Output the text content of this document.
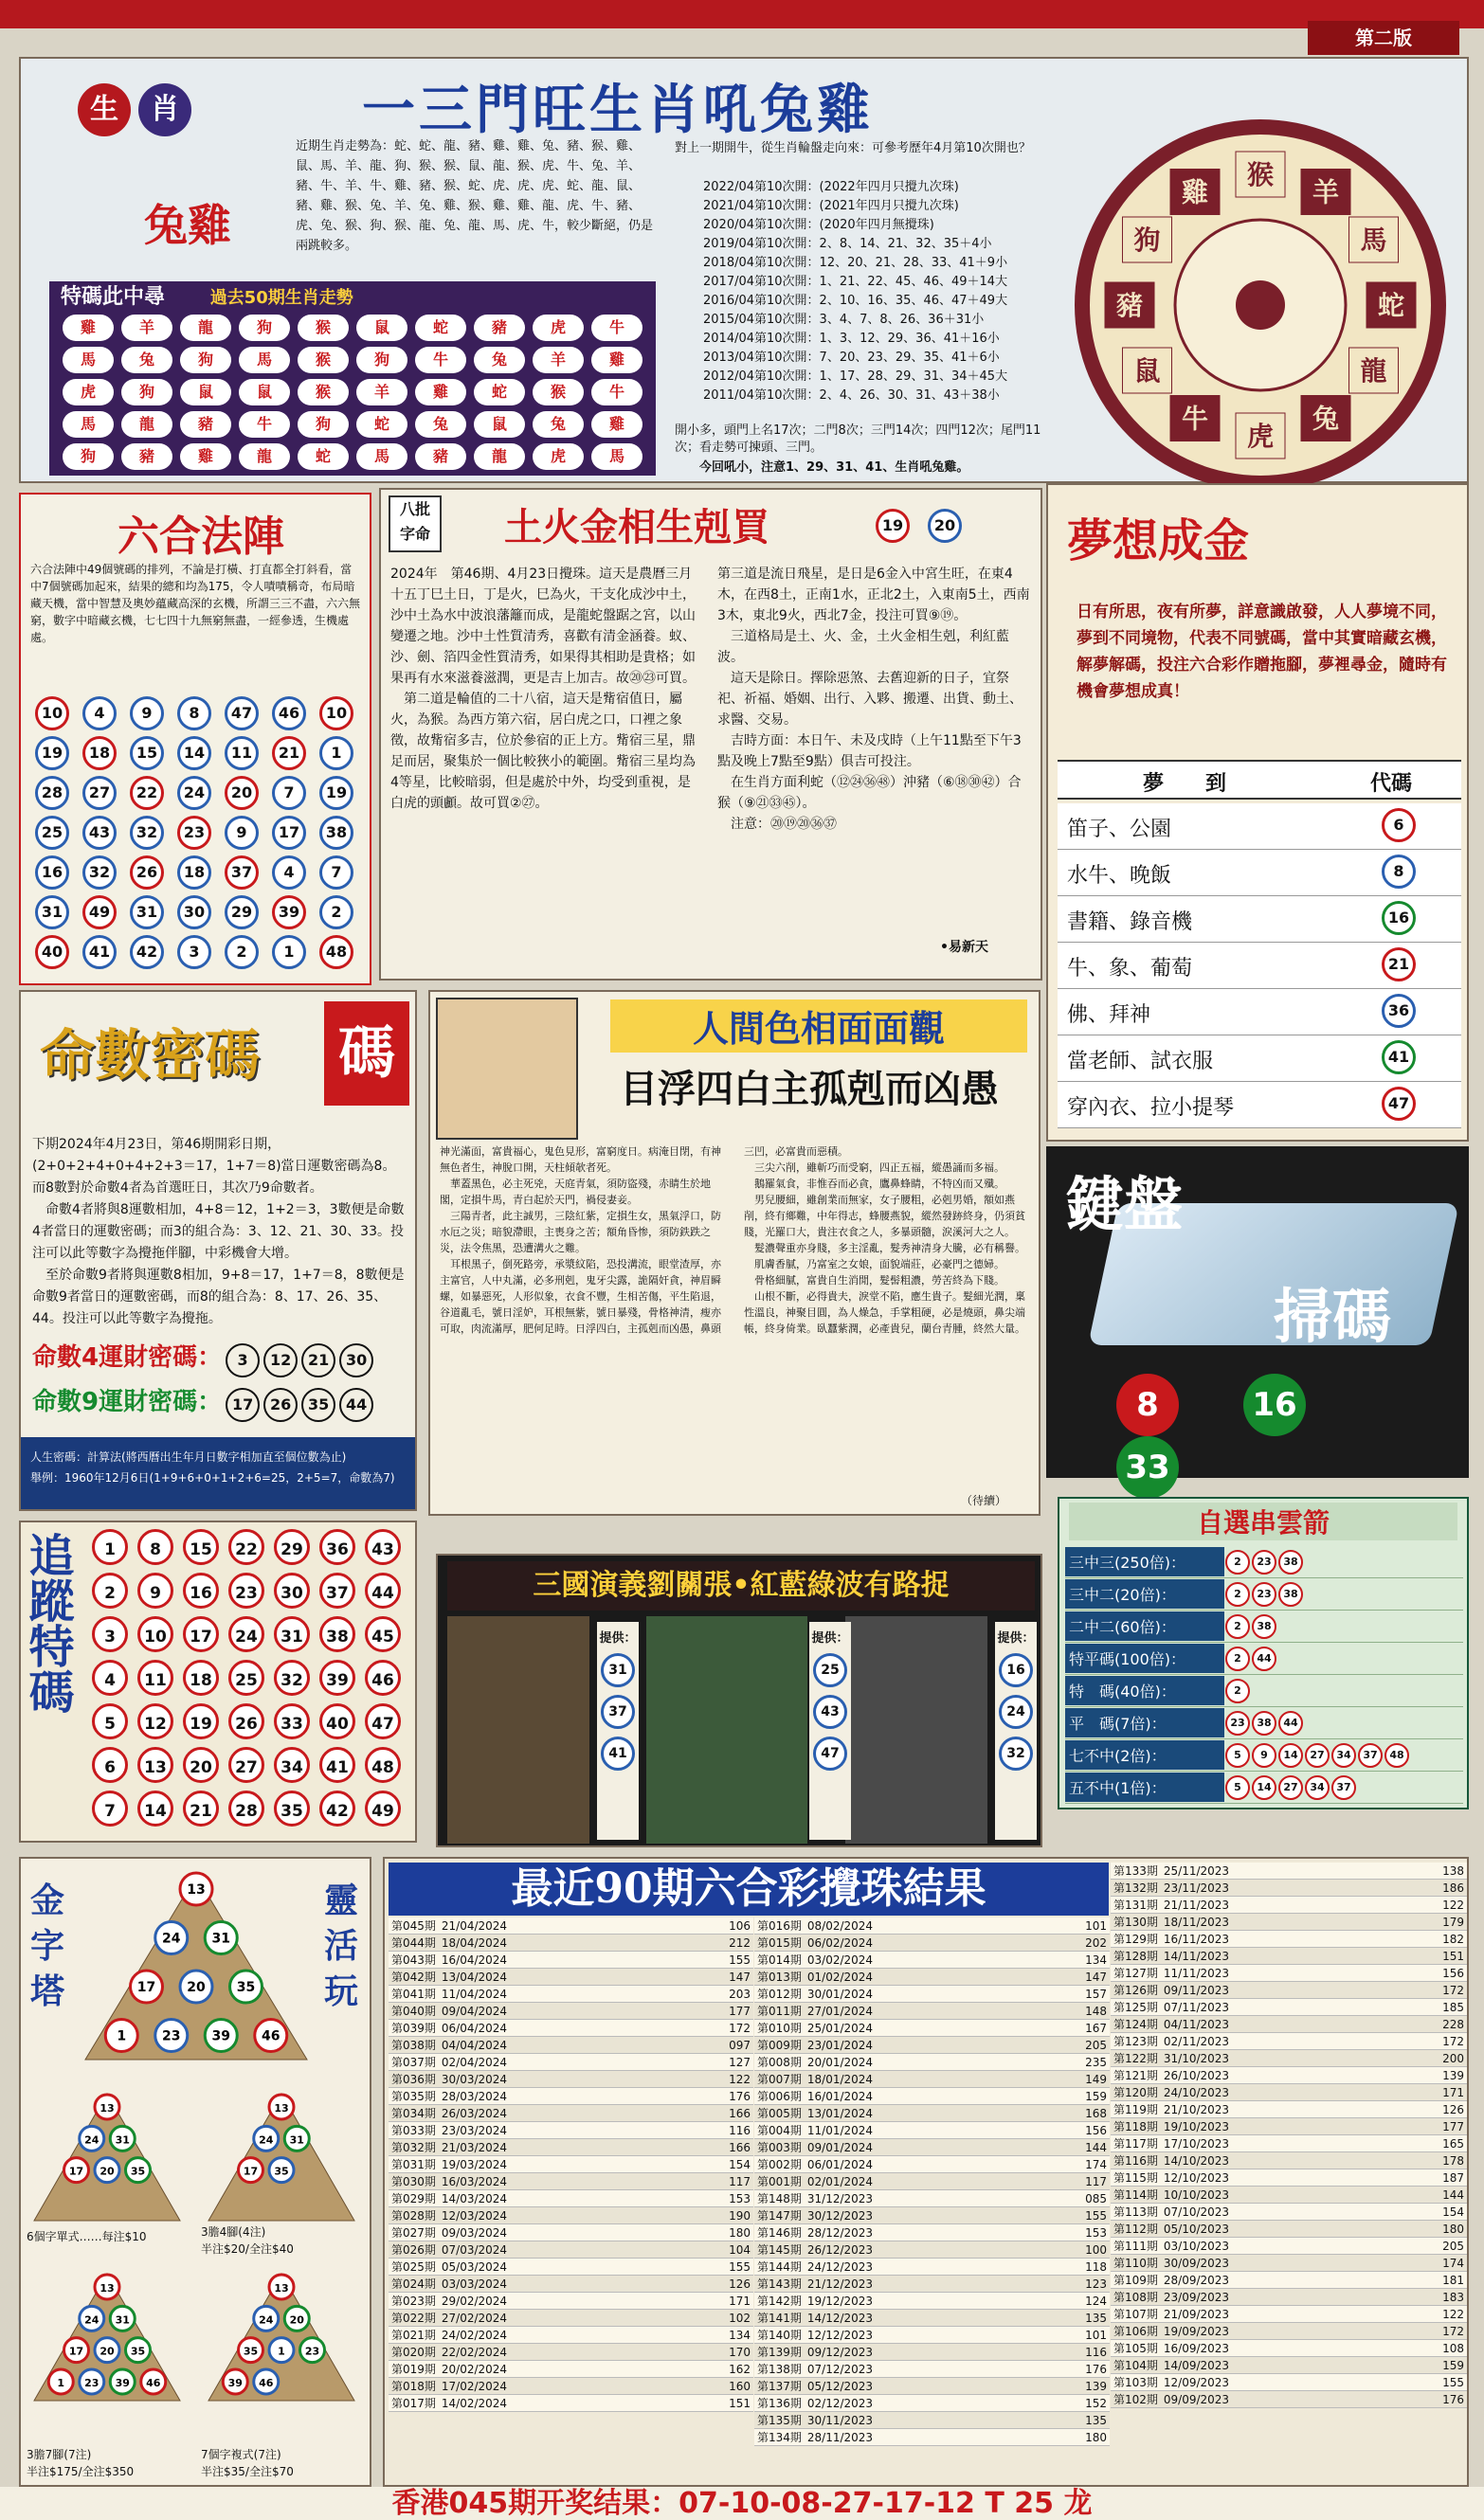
第二版
生	肖	一三門旺生肖吼兔雞
兔雞
近期生肖走勢為：蛇、蛇、龍、豬、雞、雞、兔、豬、猴、雞、鼠、馬、羊、龍、狗、猴、猴、鼠、龍、猴、虎、牛、兔、羊、豬、牛、羊、牛、雞、豬、猴、蛇、虎、虎、虎、蛇、龍、鼠、豬、雞、猴、兔、羊、兔、雞、猴、雞、雞、龍、虎、牛、豬、虎、兔、猴、狗、猴、龍、兔、龍、馬、虎、牛，較少斷絕，仍是兩跳較多。
特碼此中尋	過去50期生肖走勢
雞	羊	龍	狗	猴	鼠	蛇	豬	虎	牛
馬	兔	狗	馬	猴	狗	牛	兔	羊	雞
虎	狗	鼠	鼠	猴	羊	雞	蛇	猴	牛
馬	龍	豬	牛	狗	蛇	兔	鼠	兔	雞
狗	豬	雞	龍	蛇	馬	豬	龍	虎	馬
對上一期開牛，從生肖輪盤走向來：可參考歷年4月第10次開也？
2022/04第10次開：(2022年四月只攪九次珠)
2021/04第10次開：(2021年四月只攪九次珠)
2020/04第10次開：(2020年四月無攪珠)
2019/04第10次開：2、8、14、21、32、35＋4小
2018/04第10次開：12、20、21、28、33、41＋9小
2017/04第10次開：1、21、22、45、46、49＋14大
2016/04第10次開：2、10、16、35、46、47＋49大
2015/04第10次開：3、4、7、8、26、36＋31小
2014/04第10次開：1、3、12、29、36、41＋16小
2013/04第10次開：7、20、23、29、35、41＋6小
2012/04第10次開：1、17、28、29、31、34＋45大
2011/04第10次開：2、4、26、30、31、43＋38小
開小多，頭門上名17次；二門8次；三門14次；四門12次；尾門11次；看走勢可揀頭、三門。
今回吼小，注意1、29、31、41、生肖吼兔雞。
猴
羊
馬
蛇
龍
兔
虎
牛
鼠
豬
狗
雞
六合法陣
六合法陣中49個號碼的排列，不論是打橫、打直都全打斜看，當中7個號碼加起來，結果的總和均為175，令人嘖嘖稱奇，布局暗藏天機，當中智慧及奧妙蘊藏高深的玄機，所謂三三不盡，六六無窮，數字中暗藏玄機，七七四十九無窮無盡，一經參透，生機處處。
10 4 9 8 47 46 10
19 18 15 14 11 21 1
28 27 22 24 20 7 19
25 43 32 23 9 17 38
16 32 26 18 37 4 7
31 49 31 30 29 39 2
40 41 42 3 2 1 48
八批
字命 土火金相生剋買	19	20
2024年　第46期、4月23日攪珠。這天是農曆三月十五丁巳土日，丁是火，巳為火，干支化成沙中土，沙中土為水中波浪藩籬而成，是龍蛇盤踞之宮，以山變遷之地。沙中土性質清秀，喜歡有清金涵養。蚁、沙、劍、箔四金性質清秀，如果得其相助是貴格；如果再有水來滋養滋潤，更是吉上加吉。故⑳㉓可買。
　第二道是輪值的二十八宿，這天是觜宿值日，屬火，為猴。為西方第六宿，居白虎之口，口裡之象徵，故觜宿多吉，位於參宿的正上方。觜宿三星，鼎足而居，聚集於一個比較狹小的範圍。觜宿三星均為4等星，比較暗弱，但是處於中外，均受到重視，是白虎的頭顱。故可買②㉗。
第三道是流日飛星，是日是6金入中宮生旺，在東4木，在西8土，正南1水，正北2土，入東南5土，西南3木，東北9火，西北7金，投注可買⑨⑲。
　三道格局是土、火、金，土火金相生剋，利紅藍波。
　這天是除日。擇除惡煞、去舊迎新的日子，宜祭祀、祈福、婚姻、出行、入夥、搬遷、出貨、動土、求醫、交易。
　吉時方面：本日午、未及戌時（上午11點至下午3點及晚上7點至9點）俱吉可投注。
　在生肖方面利蛇（⑫㉔㊱㊽）沖豬（⑥⑱㉚㊷）合猴（⑨㉑㉝㊺）。
　注意：⑳⑲⑳㊱㊲
•易新天
夢想成金
日有所思，夜有所夢，詳意識啟發，人人夢境不同，夢到不同境物，代表不同號碼，當中其實暗藏玄機，解夢解碼，投注六合彩作贈拖腳，夢裡尋金，隨時有機會夢想成真！
夢　　到	代碼
笛子、公園	6
水牛、晚飯	8
書籍、錄音機	16
牛、象、葡萄	21
佛、拜神	36
當老師、試衣服	41
穿內衣、拉小提琴	47
鍵盤
掃碼
8	1633
命數密碼	碼
下期2024年4月23日，第46期開彩日期，(2+0+2+4+0+4+2+3＝17，1+7＝8)當日運數密碼為8。而8數對於命數4者為首選旺日，其次乃9命數者。
　命數4者將與8運數相加，4+8＝12，1+2＝3，3數便是命數4者當日的運數密碼；而3的組合為：3、12、21、30、33。投注可以此等數字為攪拖伴腳，中彩機會大增。
　至於命數9者將與運數8相加，9+8＝17，1+7＝8，8數便是命數9者當日的運數密碼，而8的組合為：8、17、26、35、44。投注可以此等數字為攪拖。
命數4運財密碼： 3 12 21 30
命數9運財密碼： 17 26 35 44
人生密碼：計算法(將西曆出生年月日數字相加直至個位數為止)
舉例：1960年12月6日(1+9+6+0+1+2+6=25，2+5=7，命數為7)
人間色相面面觀
目浮四白主孤剋而凶愚
神光滿面，富貴福心，鬼色見形，富窮度日。病淹目閉，有神無色者生，神脫口開，天柱傾欹者死。
　華蓋黑色，必主死兇，天庭青氣，須防盜殘，赤睛生於地閣，定損牛馬，青白起於天門，禍侵妻妾。
　三陽青者，此主誠男，三陰紅紫，定損生女，黑氣浮口，防水厄之災；暗貌滯眼，主喪身之苦；額角昏惨，須防鉄跌之災，法令焦黑，恐遭溝火之難。
　耳根黑子，倒死路旁，承漿紋陷，恐投溝流，眼堂渣厚，亦主富官，人中丸滿，必多刑剋，鬼牙尖露，詭隔奸貪，神眉瞬螺，如暴惡死，人形似象，衣食不豐，生相苦傷，平生陷退，谷道亂毛，號日淫妒，耳根無紫，號日暴殘，骨格神清，瘦亦可取，肉流滿厚，肥何足時。日浮四白，主孤剋而凶愚，鼻頭三凹，必富貴而惡積。
　三尖六削，雖斬巧而受窮，四正五福，縱愚誦而多福。
　鵝羅氣食，非惟吞而必貪，鷹鼻蜂睛，不特凶而又殲。
　男兒腰細，雖創業而無家，女子腰粗，必剋男婚，額如燕削，終有鄉難，中年得志，蜂腰燕貌，縱然發跡終身，仍須貧賤，光羅口大，貴注衣食之人，多暴頭髓，涙溪河大之人。
　髮濃聲重亦身賤，多主淫亂，髮秀神清身大騰，必有稱譽。
　肌膚香膩，乃富室之女娘，面貌端莊，必豪門之德婦。
　骨格細膩，富貴自生消閒，髮髻粗濃，勞苦終為下賤。
　山根不斷，必得貴夫，淚堂不陷，應生貴子。髮細光潤，稟性溫良，神聚目圓，為人燥急，手掌粗硬，必是燒頭，鼻尖端帳，終身倚業。臥蠶紫潤，必產貴兒，蘭台青腫，終然大量。
（待續）
自選串雲箭
三中三(250倍)：	2	23	38
三中二(20倍)：	2	23	38
二中二(60倍)：	2	38
特平碼(100倍)：	2	44
特　碼(40倍)：	2
平　碼(7倍)：	23	38	44
七不中(2倍)：	5	9	14	27	34	37	48
五不中(1倍)：	5	14	27	34	37
追蹤特碼	1 8 15 22 29 36 43
2 9 16 23 30 37 44
3 10 17 24 31 38 45
4 11 18 25 32 39 46
5 12 19 26 33 40 47
6 13 20 27 34 41 48
7 14 21 28 35 42 49
三國演義劉關張•紅藍綠波有路捉
提供：
31
37
41
提供：
25
43
47
提供：
16
24
32
金
字
塔
靈
活
玩
13
24 31
17 20 35
1	23 39 46
13
24 31
17 20 35
6個字單式……每注$10
13
24 31
17 35
3膽4腳(4注)
半注$20/全注$40
13
24 31
17 20 35
1 23 39 46
3膽7腳(7注)
半注$175/全注$350
13
24 20
35 1 23
39 46
7個字複式(7注)
半注$35/全注$70
最近90期六合彩攪珠結果
第045期	21/04/2024	106
第044期	18/04/2024	212
第043期	16/04/2024	155
第042期	13/04/2024	147
第041期	11/04/2024	203
第040期	09/04/2024	177
第039期	06/04/2024	172
第038期	04/04/2024	097
第037期	02/04/2024	127
第036期	30/03/2024	122
第035期	28/03/2024	176
第034期	26/03/2024	166
第033期	23/03/2024	116
第032期	21/03/2024	166
第031期	19/03/2024	154
第030期	16/03/2024	117
第029期	14/03/2024	153
第028期	12/03/2024	190
第027期	09/03/2024	180
第026期	07/03/2024	104
第025期	05/03/2024	155
第024期	03/03/2024	126
第023期	29/02/2024	171
第022期	27/02/2024	102
第021期	24/02/2024	134
第020期	22/02/2024	170
第019期	20/02/2024	162
第018期	17/02/2024	160
第017期	14/02/2024	151
第016期	08/02/2024	101
第015期	06/02/2024	202
第014期	03/02/2024	134
第013期	01/02/2024	147
第012期	30/01/2024	157
第011期	27/01/2024	148
第010期	25/01/2024	167
第009期	23/01/2024	205
第008期	20/01/2024	235
第007期	18/01/2024	149
第006期	16/01/2024	159
第005期	13/01/2024	168
第004期	11/01/2024	156
第003期	09/01/2024	144
第002期	06/01/2024	174
第001期	02/01/2024	117
第148期	31/12/2023	085
第147期	30/12/2023	155
第146期	28/12/2023	153
第145期	26/12/2023	100
第144期	24/12/2023	118
第143期	21/12/2023	123
第142期	19/12/2023	124
第141期	14/12/2023	135
第140期	12/12/2023	101
第139期	09/12/2023	116
第138期	07/12/2023	176
第137期	05/12/2023	139
第136期	02/12/2023	152
第135期	30/11/2023	135
第134期	28/11/2023	180
第133期	25/11/2023	138
第132期	23/11/2023	186
第131期	21/11/2023	122
第130期	18/11/2023	179
第129期	16/11/2023	182
第128期	14/11/2023	151
第127期	11/11/2023	156
第126期	09/11/2023	172
第125期	07/11/2023	185
第124期	04/11/2023	228
第123期	02/11/2023	172
第122期	31/10/2023	200
第121期	26/10/2023	139
第120期	24/10/2023	171
第119期	21/10/2023	126
第118期	19/10/2023	177
第117期	17/10/2023	165
第116期	14/10/2023	178
第115期	12/10/2023	187
第114期	10/10/2023	144
第113期	07/10/2023	154
第112期	05/10/2023	180
第111期	03/10/2023	205
第110期	30/09/2023	174
第109期	28/09/2023	181
第108期	23/09/2023	183
第107期	21/09/2023	122
第106期	19/09/2023	172
第105期	16/09/2023	108
第104期	14/09/2023	159
第103期	12/09/2023	155
第102期	09/09/2023	176
香港045期开奖结果：07-10-08-27-17-12 T 25 龙
